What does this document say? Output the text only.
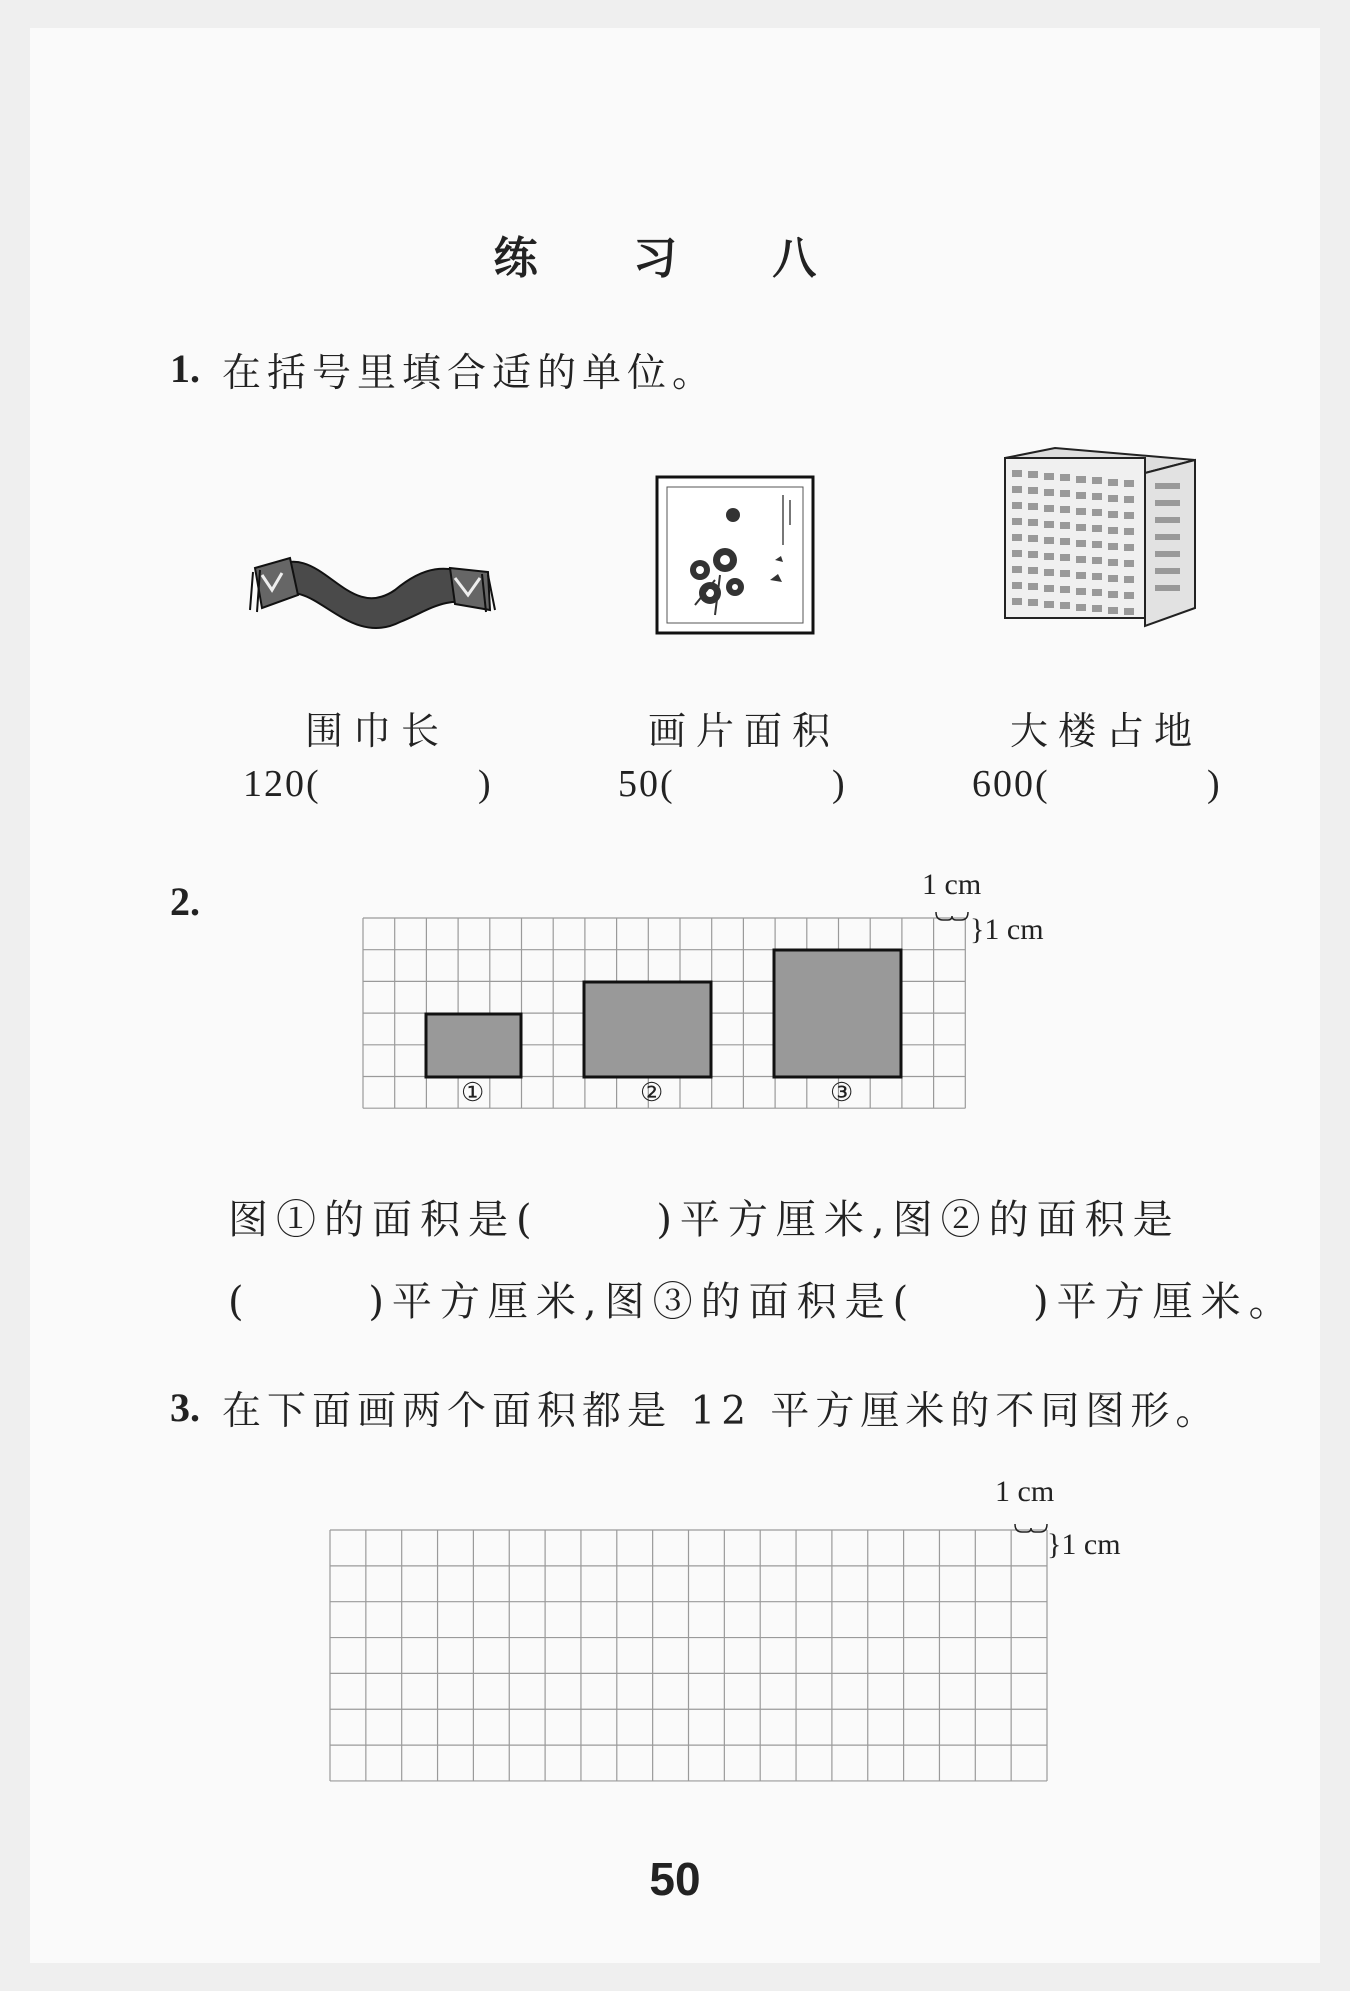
练 习 八
1. 在括号里填合适的单位。
围巾长	画片面积	大楼占地
120(	)	50(	)	600(	)
2.	1 cm
}1 cm
①	②	③
图①的面积是(　　 )平方厘米,图②的面积是
(　　 )平方厘米,图③的面积是(　　 )平方厘米。
3. 在下面画两个面积都是 12 平方厘米的不同图形。
1 cm
}1 cm
50
